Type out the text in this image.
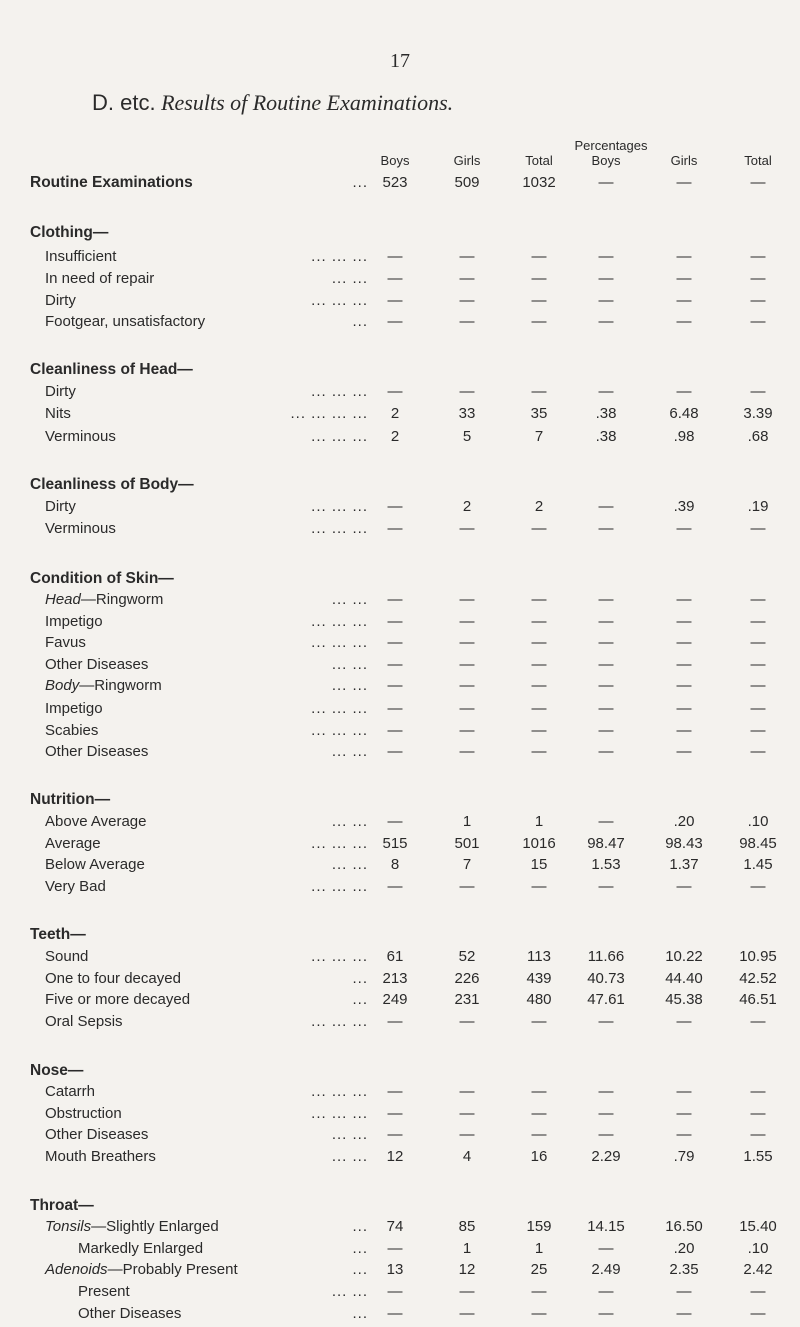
17
D. etc. Results of Routine Examinations.
Percentages
Boys	Girls	Total	Boys	Girls	Total
Routine Examinations	... 523	509	1032	—	—	—
Clothing—
Insufficient	... ... ...	—	—	—	—	—	—
In need of repair	... ...	—	—	—	—	—	—
Dirty	... ... ...	—	—	—	—	—	—
Footgear, unsatisfactory	...	—	—	—	—	—	—
Cleanliness of Head—
Dirty	... ... ...	—	—	—	—	—	—
Nits	... ... ... ...	2	33	35	.38	6.48	3.39
Verminous	... ... ...	2	5	7	.38	.98	.68
Cleanliness of Body—
Dirty	... ... ...	—	2	2	—	.39	.19
Verminous	... ... ...	—	—	—	—	—	—
Condition of Skin—
Head—Ringworm	... ...	—	—	—	—	—	—
Impetigo	... ... ...	—	—	—	—	—	—
Favus	... ... ...	—	—	—	—	—	—
Other Diseases	... ...	—	—	—	—	—	—
Body—Ringworm	... ...	—	—	—	—	—	—
Impetigo	... ... ...	—	—	—	—	—	—
Scabies	... ... ...	—	—	—	—	—	—
Other Diseases	... ...	—	—	—	—	—	—
Nutrition—
Above Average	... ...	—	1	1	—	.20	.10
Average	... ... ... 515	501	1016	98.47	98.43	98.45
Below Average	... ...	8	7	15	1.53	1.37	1.45
Very Bad	... ... ...	—	—	—	—	—	—
Teeth—
Sound	... ... ...	61	52	113	11.66	10.22	10.95
One to four decayed	... 213	226	439	40.73	44.40	42.52
Five or more decayed	... 249	231	480	47.61	45.38	46.51
Oral Sepsis	... ... ...	—	—	—	—	—	—
Nose—
Catarrh	... ... ...	—	—	—	—	—	—
Obstruction	... ... ...	—	—	—	—	—	—
Other Diseases	... ...	—	—	—	—	—	—
Mouth Breathers	... ...	12	4	16	2.29	.79	1.55
Throat—
Tonsils—Slightly Enlarged	...	74	85	159	14.15	16.50	15.40
Markedly Enlarged	...	—	1	1	—	.20	.10
Adenoids—Probably Present	...	13	12	25	2.49	2.35	2.42
Present	... ...	—	—	—	—	—	—
Other Diseases	...	—	—	—	—	—	—
